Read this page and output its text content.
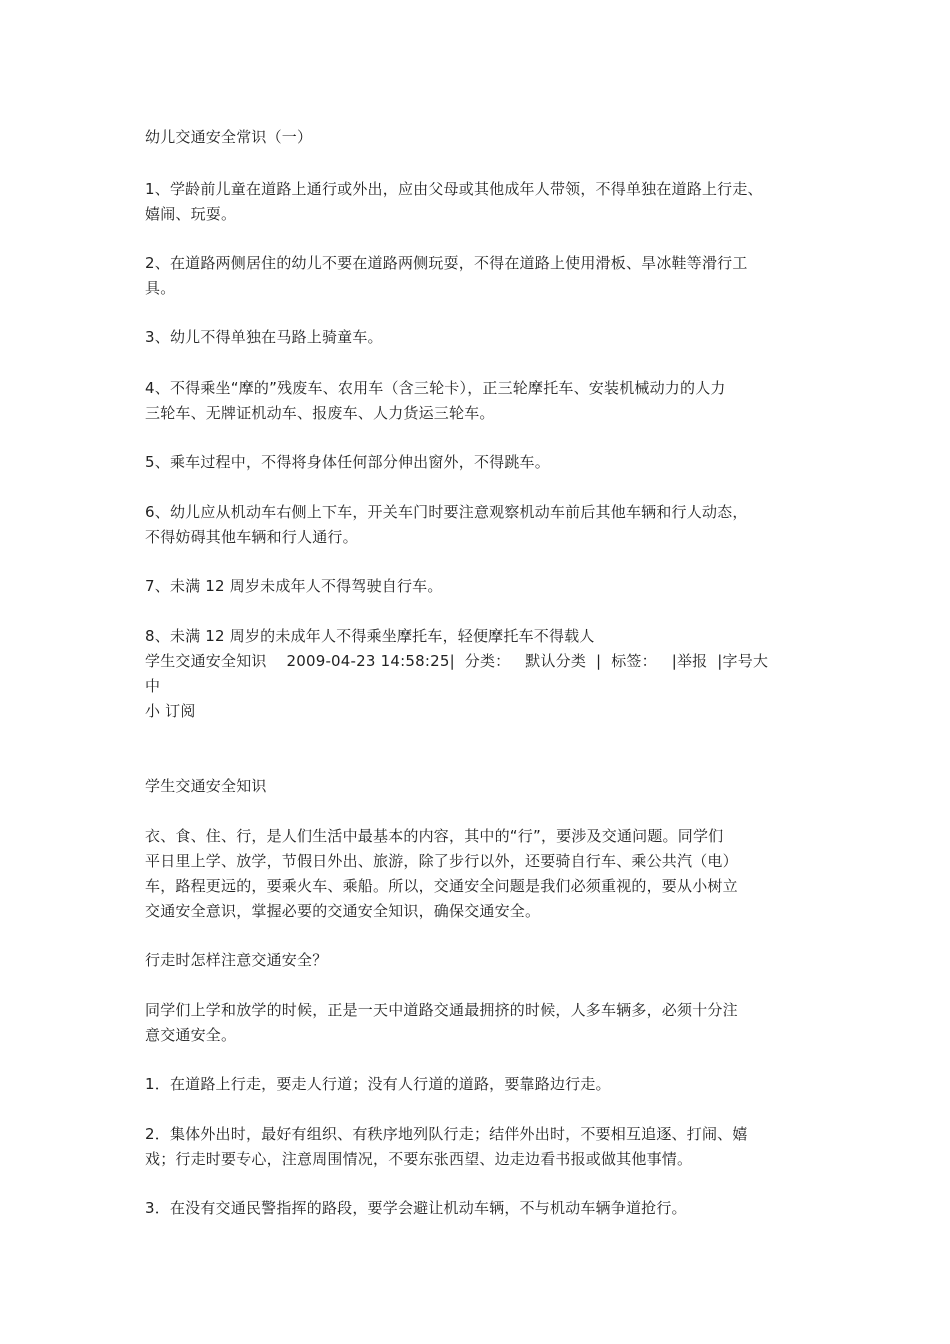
幼儿交通安全常识（一）
1、学龄前儿童在道路上通行或外出，应由父母或其他成年人带领，不得单独在道路上行走、
嬉闹、玩耍。
2、在道路两侧居住的幼儿不要在道路两侧玩耍，不得在道路上使用滑板、旱冰鞋等滑行工
具。
3、幼儿不得单独在马路上骑童车。
4、不得乘坐“摩的”残废车、农用车（含三轮卡），正三轮摩托车、安装机械动力的人力
三轮车、无牌证机动车、报废车、人力货运三轮车。
5、乘车过程中，不得将身体任何部分伸出窗外，不得跳车。
6、幼儿应从机动车右侧上下车，开关车门时要注意观察机动车前后其他车辆和行人动态，
不得妨碍其他车辆和行人通行。
7、未满 12 周岁未成年人不得驾驶自行车。
8、未满 12 周岁的未成年人不得乘坐摩托车，轻便摩托车不得载人
学生交通安全知识    2009-04-23 14:58:25|  分类：   默认分类  |  标签：   |举报  |字号大
中
小 订阅
学生交通安全知识
衣、食、住、行，是人们生活中最基本的内容，其中的“行”，要涉及交通问题。同学们
平日里上学、放学，节假日外出、旅游，除了步行以外，还要骑自行车、乘公共汽（电）
车，路程更远的，要乘火车、乘船。所以，交通安全问题是我们必须重视的，要从小树立
交通安全意识，掌握必要的交通安全知识，确保交通安全。
行走时怎样注意交通安全？
同学们上学和放学的时候，正是一天中道路交通最拥挤的时候，人多车辆多，必须十分注
意交通安全。
1．在道路上行走，要走人行道；没有人行道的道路，要靠路边行走。
2．集体外出时，最好有组织、有秩序地列队行走；结伴外出时，不要相互追逐、打闹、嬉
戏；行走时要专心，注意周围情况，不要东张西望、边走边看书报或做其他事情。
3．在没有交通民警指挥的路段，要学会避让机动车辆，不与机动车辆争道抢行。
